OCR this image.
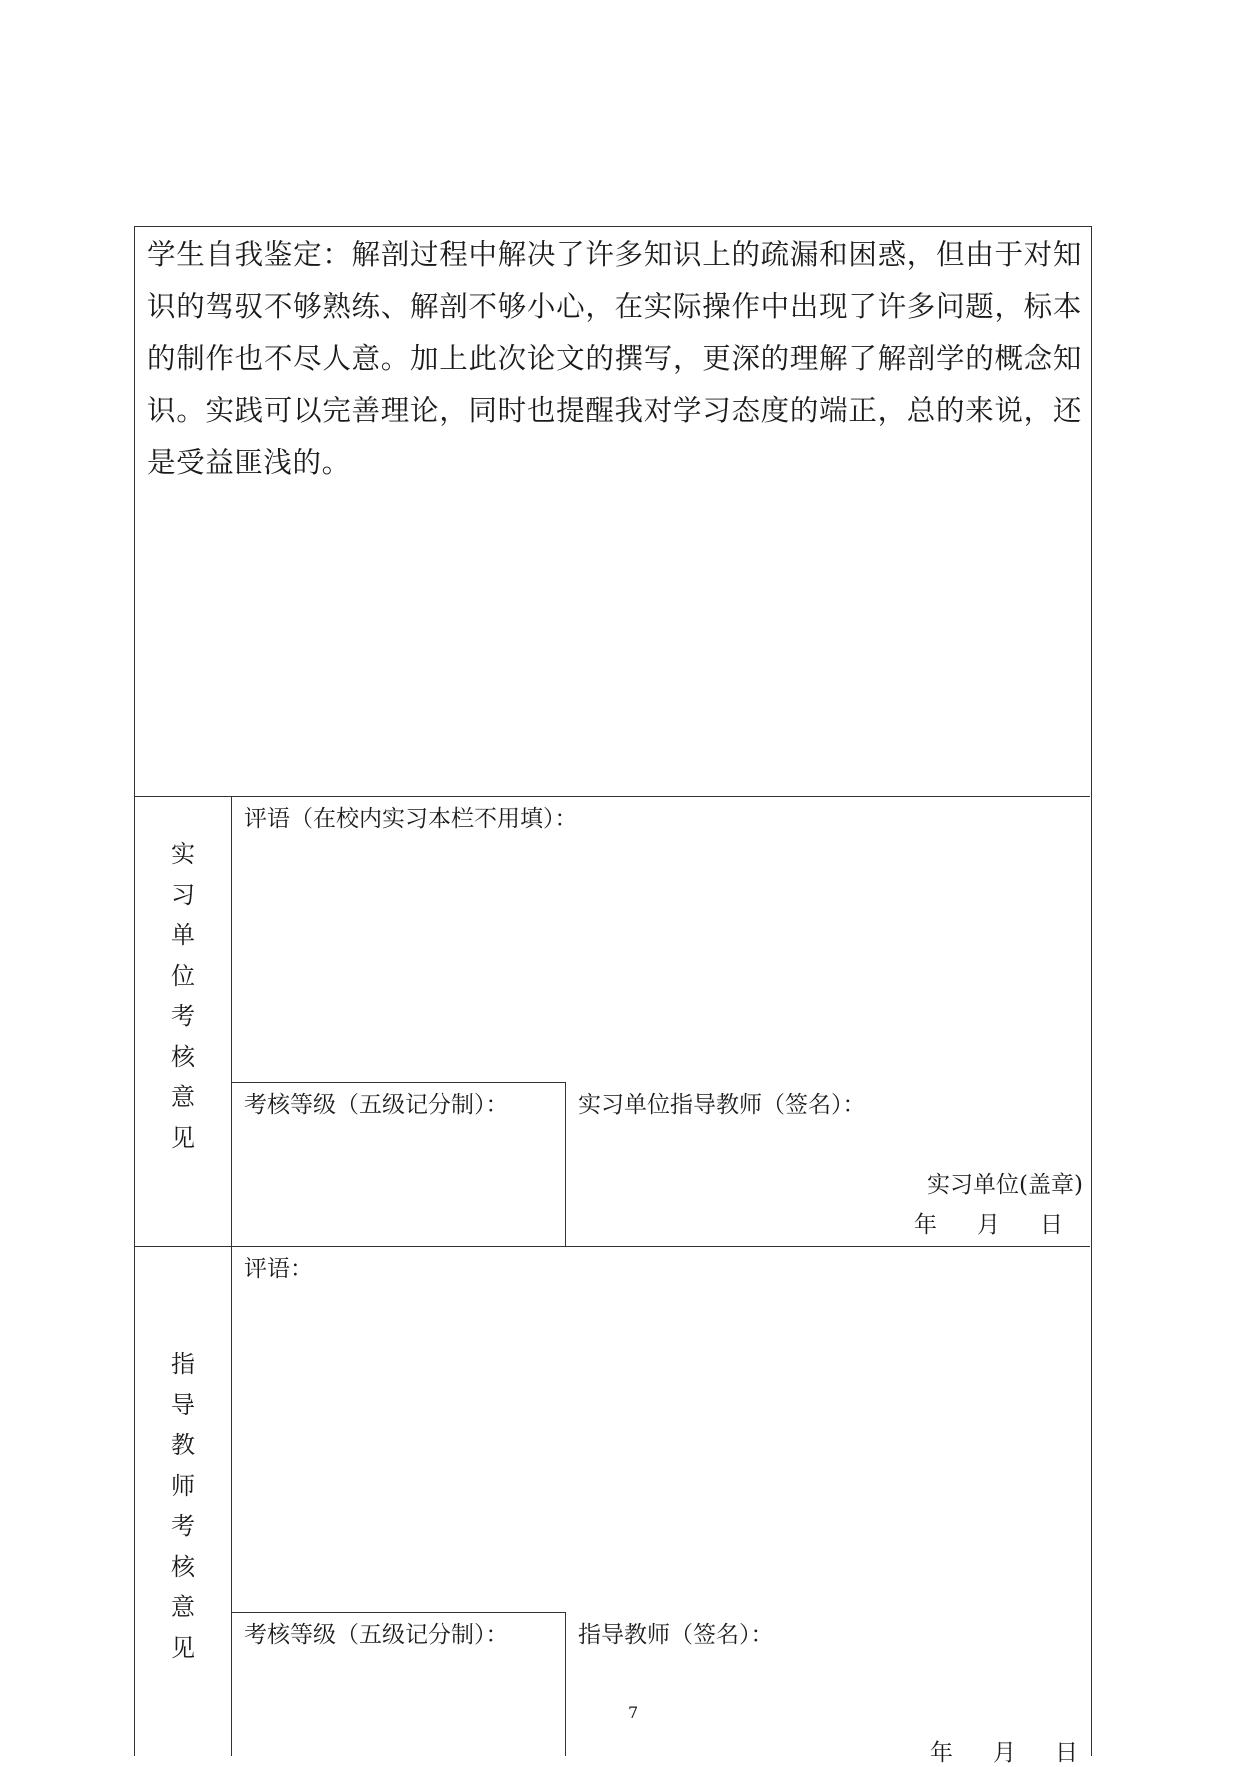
学生自我鉴定：解剖过程中解决了许多知识上的疏漏和困惑，但由于对知识的驾驭不够熟练、解剖不够小心，在实际操作中出现了许多问题，标本的制作也不尽人意。加上此次论文的撰写，更深的理解了解剖学的概念知识。实践可以完善理论，同时也提醒我对学习态度的端正，总的来说，还是受益匪浅的。
实
习
单
位
考
核
意
见
评语（在校内实习本栏不用填）：
考核等级（五级记分制）：	实习单位指导教师（签名）：
实习单位(盖章)
年 月 日
指
导
教
师
考
核
意
见
评语：
考核等级（五级记分制）：	指导教师（签名）：
年 月 日
7
